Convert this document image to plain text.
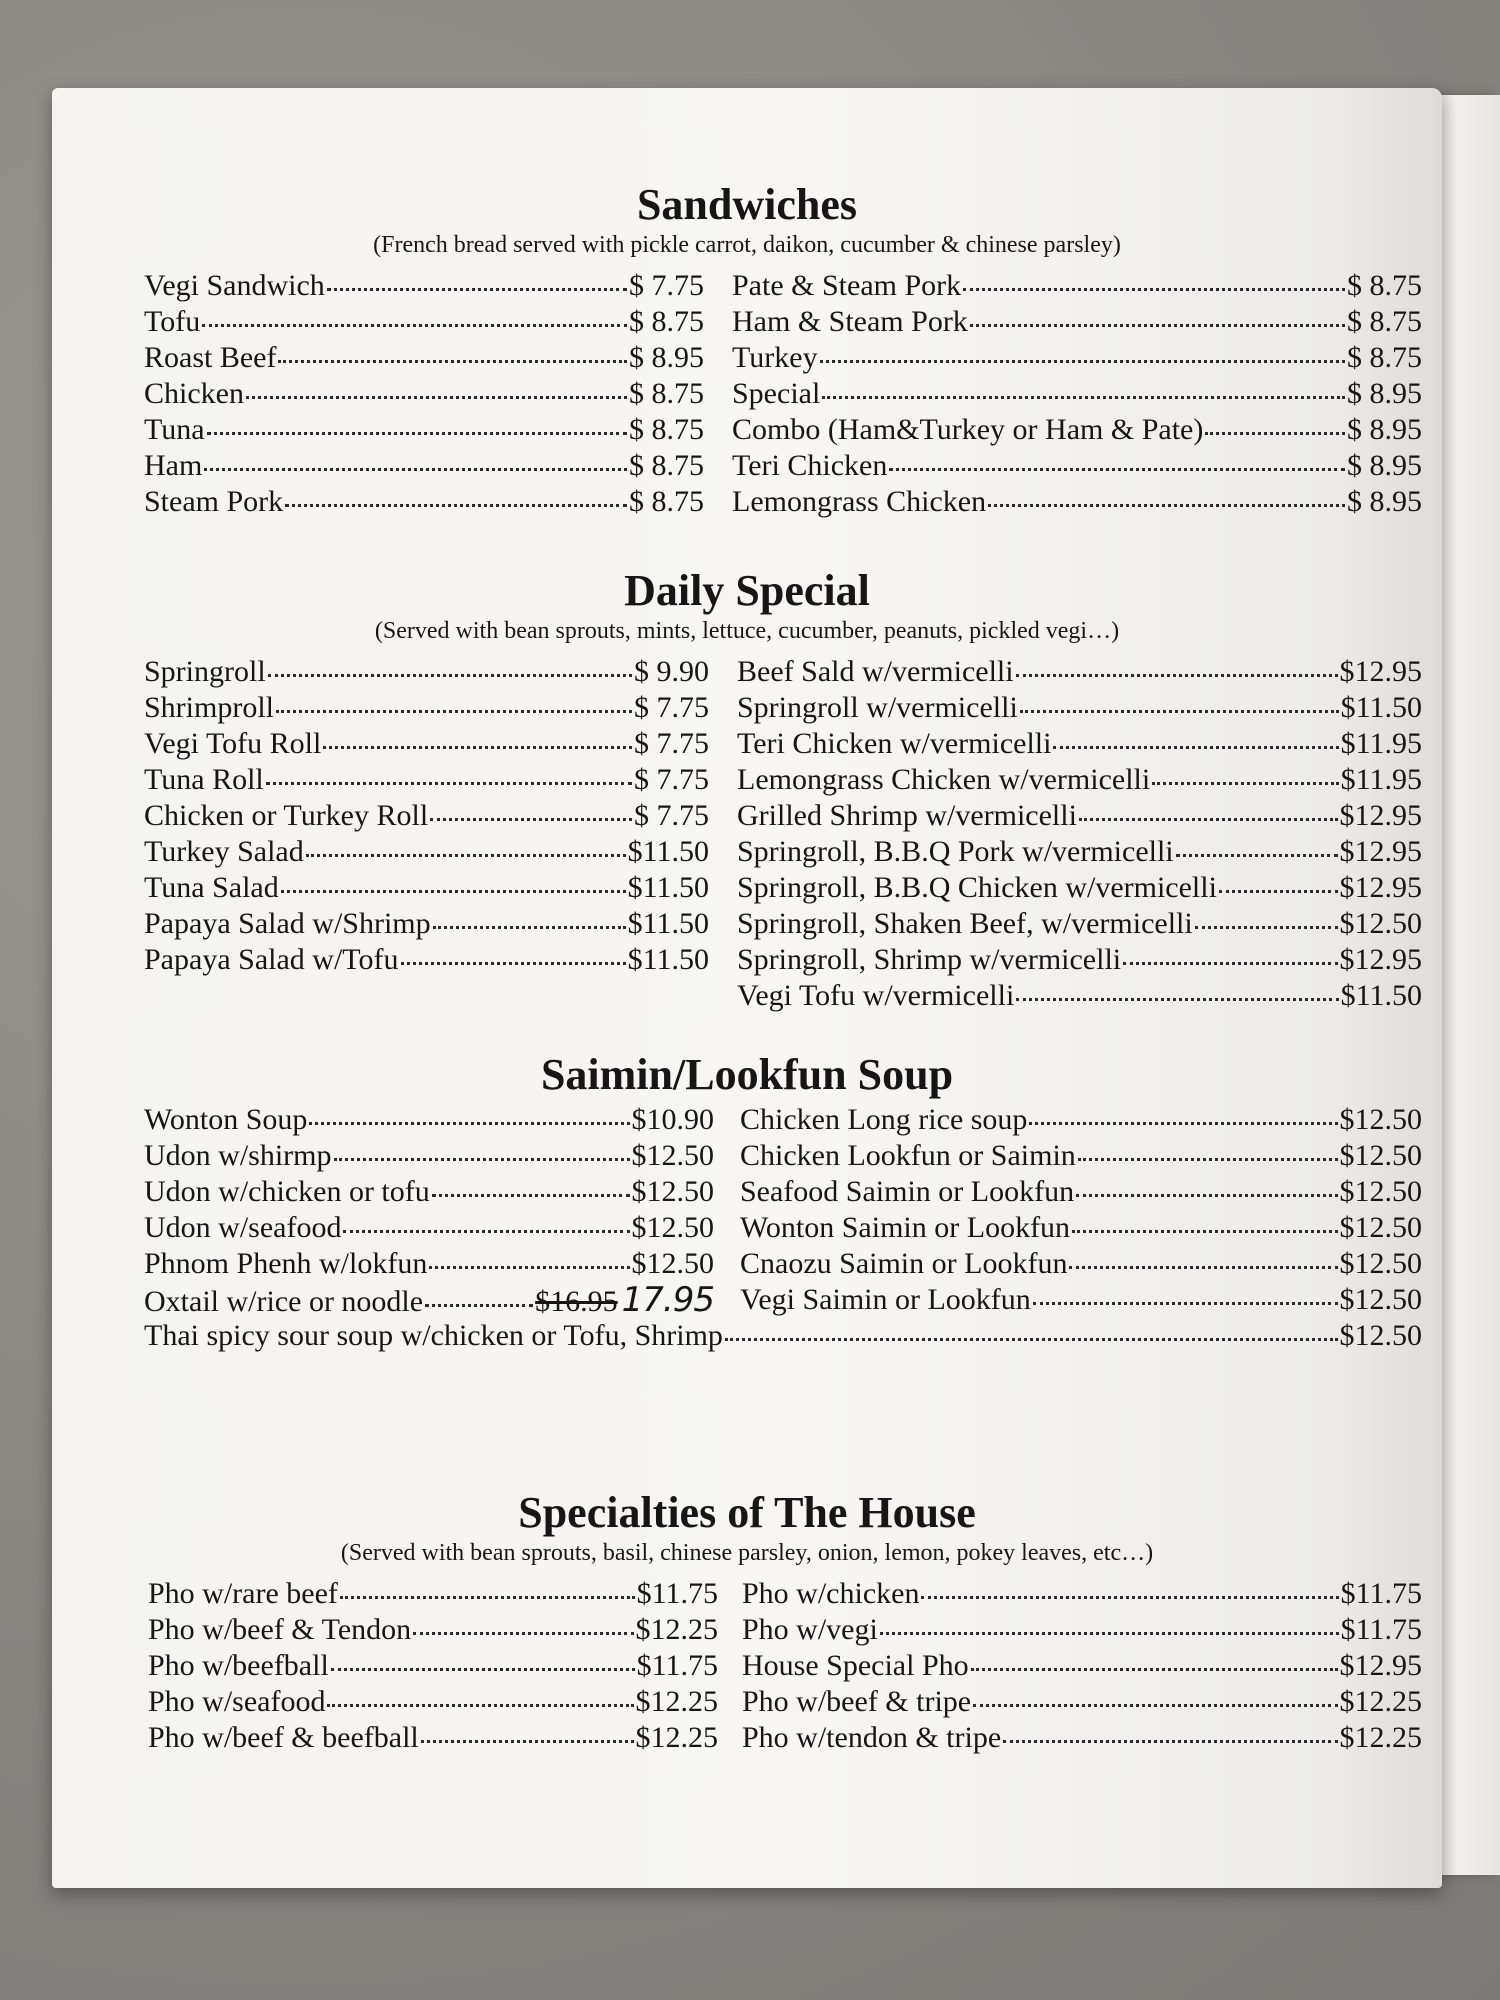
Sandwiches

(French bread served with pickle carrot, daikon, cucumber & chinese parsley)

Vegi Sandwich	$ 7.75
Tofu	$ 8.75
Roast Beef	$ 8.95
Chicken	$ 8.75
Tuna	$ 8.75
Ham	$ 8.75
Steam Pork	$ 8.75
Pate & Steam Pork	$ 8.75
Ham & Steam Pork	$ 8.75
Turkey	$ 8.75
Special	$ 8.95
Combo (Ham&Turkey or Ham & Pate)	$ 8.95
Teri Chicken	$ 8.95
Lemongrass Chicken	$ 8.95
Daily Special

(Served with bean sprouts, mints, lettuce, cucumber, peanuts, pickled vegi…)

Springroll	$ 9.90
Shrimproll	$ 7.75
Vegi Tofu Roll	$ 7.75
Tuna Roll	$ 7.75
Chicken or Turkey Roll	$ 7.75
Turkey Salad	$11.50
Tuna Salad	$11.50
Papaya Salad w/Shrimp	$11.50
Papaya Salad w/Tofu	$11.50
Beef Sald w/vermicelli	$12.95
Springroll w/vermicelli	$11.50
Teri Chicken w/vermicelli	$11.95
Lemongrass Chicken w/vermicelli	$11.95
Grilled Shrimp w/vermicelli	$12.95
Springroll, B.B.Q Pork w/vermicelli	$12.95
Springroll, B.B.Q Chicken w/vermicelli	$12.95
Springroll, Shaken Beef, w/vermicelli	$12.50
Springroll, Shrimp w/vermicelli	$12.95
Vegi Tofu w/vermicelli	$11.50
Saimin/Lookfun Soup
Wonton Soup	$10.90
Udon w/shirmp	$12.50
Udon w/chicken or tofu	$12.50
Udon w/seafood	$12.50
Phnom Phenh w/lokfun	$12.50
Oxtail w/rice or noodle	$16.95 17.95
Chicken Long rice soup	$12.50
Chicken Lookfun or Saimin	$12.50
Seafood Saimin or Lookfun	$12.50
Wonton Saimin or Lookfun	$12.50
Cnaozu Saimin or Lookfun	$12.50
Vegi Saimin or Lookfun	$12.50
Thai spicy sour soup w/chicken or Tofu, Shrimp	$12.50
Specialties of The House

(Served with bean sprouts, basil, chinese parsley, onion, lemon, pokey leaves, etc…)

Pho w/rare beef	$11.75
Pho w/beef & Tendon	$12.25
Pho w/beefball	$11.75
Pho w/seafood	$12.25
Pho w/beef & beefball	$12.25
Pho w/chicken	$11.75
Pho w/vegi	$11.75
House Special Pho	$12.95
Pho w/beef & tripe	$12.25
Pho w/tendon & tripe	$12.25
